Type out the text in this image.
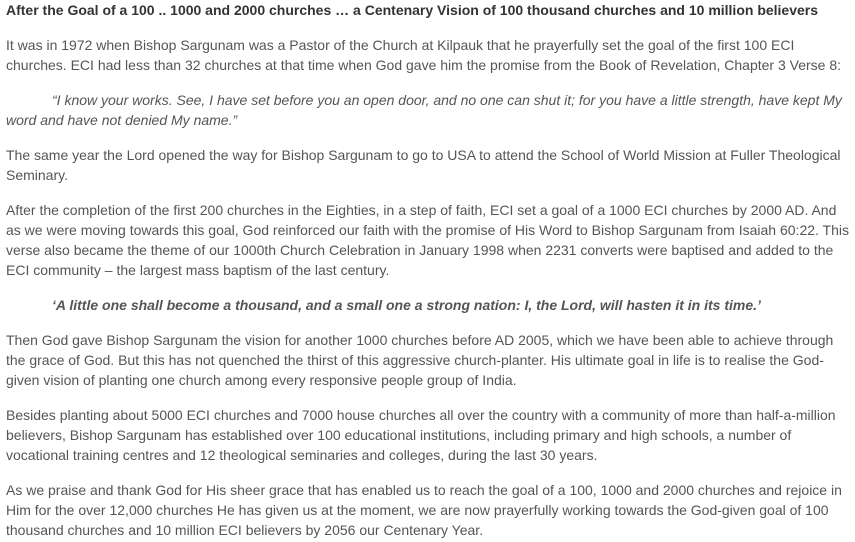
After the Goal of a 100 .. 1000 and 2000 churches … a Centenary Vision of 100 thousand churches and 10 million believers

It was in 1972 when Bishop Sargunam was a Pastor of the Church at Kilpauk that he prayerfully set the goal of the first 100 ECI churches. ECI had less than 32 churches at that time when God gave him the promise from the Book of Revelation, Chapter 3 Verse 8:

“I know your works. See, I have set before you an open door, and no one can shut it; for you have a little strength, have kept My word and have not denied My name.”

The same year the Lord opened the way for Bishop Sargunam to go to USA to attend the School of World Mission at Fuller Theological Seminary.

After the completion of the first 200 churches in the Eighties, in a step of faith, ECI set a goal of a 1000 ECI churches by 2000 AD. And as we were moving towards this goal, God reinforced our faith with the promise of His Word to Bishop Sargunam from Isaiah 60:22. This verse also became the theme of our 1000th Church Celebration in January 1998 when 2231 converts were baptised and added to the ECI community – the largest mass baptism of the last century.

‘A little one shall become a thousand, and a small one a strong nation: I, the Lord, will hasten it in its time.’

Then God gave Bishop Sargunam the vision for another 1000 churches before AD 2005, which we have been able to achieve through the grace of God. But this has not quenched the thirst of this aggressive church-planter. His ultimate goal in life is to realise the God-given vision of planting one church among every responsive people group of India.

Besides planting about 5000 ECI churches and 7000 house churches all over the country with a community of more than half-a-million believers, Bishop Sargunam has established over 100 educational institutions, including primary and high schools, a number of vocational training centres and 12 theological seminaries and colleges, during the last 30 years.

As we praise and thank God for His sheer grace that has enabled us to reach the goal of a 100, 1000 and 2000 churches and rejoice in Him for the over 12,000 churches He has given us at the moment, we are now prayerfully working towards the God-given goal of 100 thousand churches and 10 million ECI believers by 2056 our Centenary Year.
